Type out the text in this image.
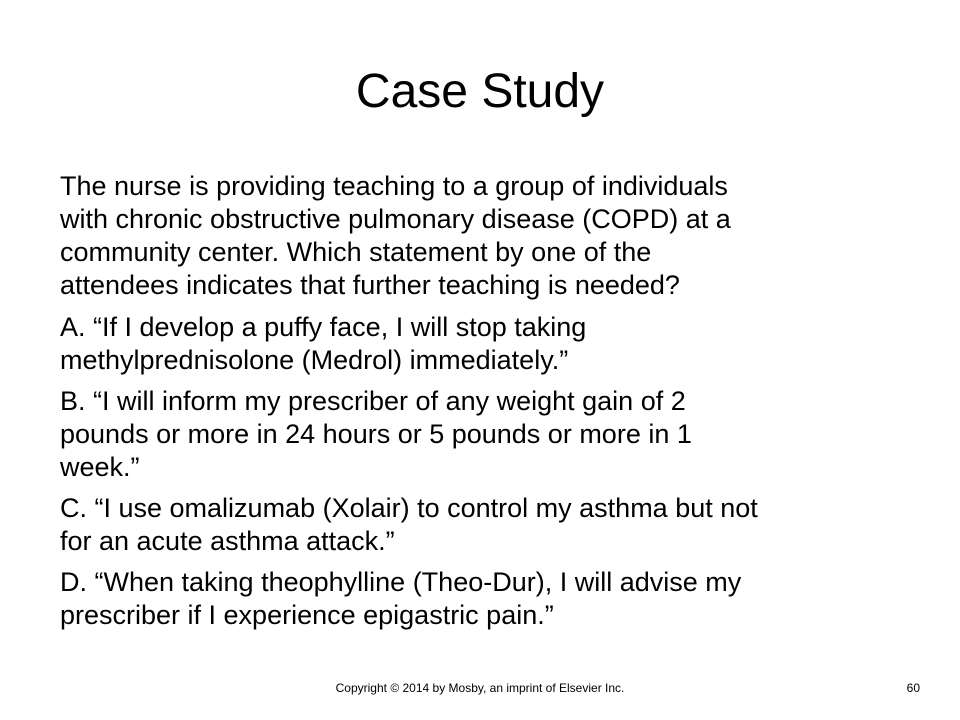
Case Study

The nurse is providing teaching to a group of individuals
with chronic obstructive pulmonary disease (COPD) at a
community center. Which statement by one of the
attendees indicates that further teaching is needed?

A. “If I develop a puffy face, I will stop taking
methylprednisolone (Medrol) immediately.”

B. “I will inform my prescriber of any weight gain of 2
pounds or more in 24 hours or 5 pounds or more in 1
week.”

C. “I use omalizumab (Xolair) to control my asthma but not
for an acute asthma attack.”

D. “When taking theophylline (Theo-Dur), I will advise my
prescriber if I experience epigastric pain.”

Copyright © 2014 by Mosby, an imprint of Elsevier Inc.	60
